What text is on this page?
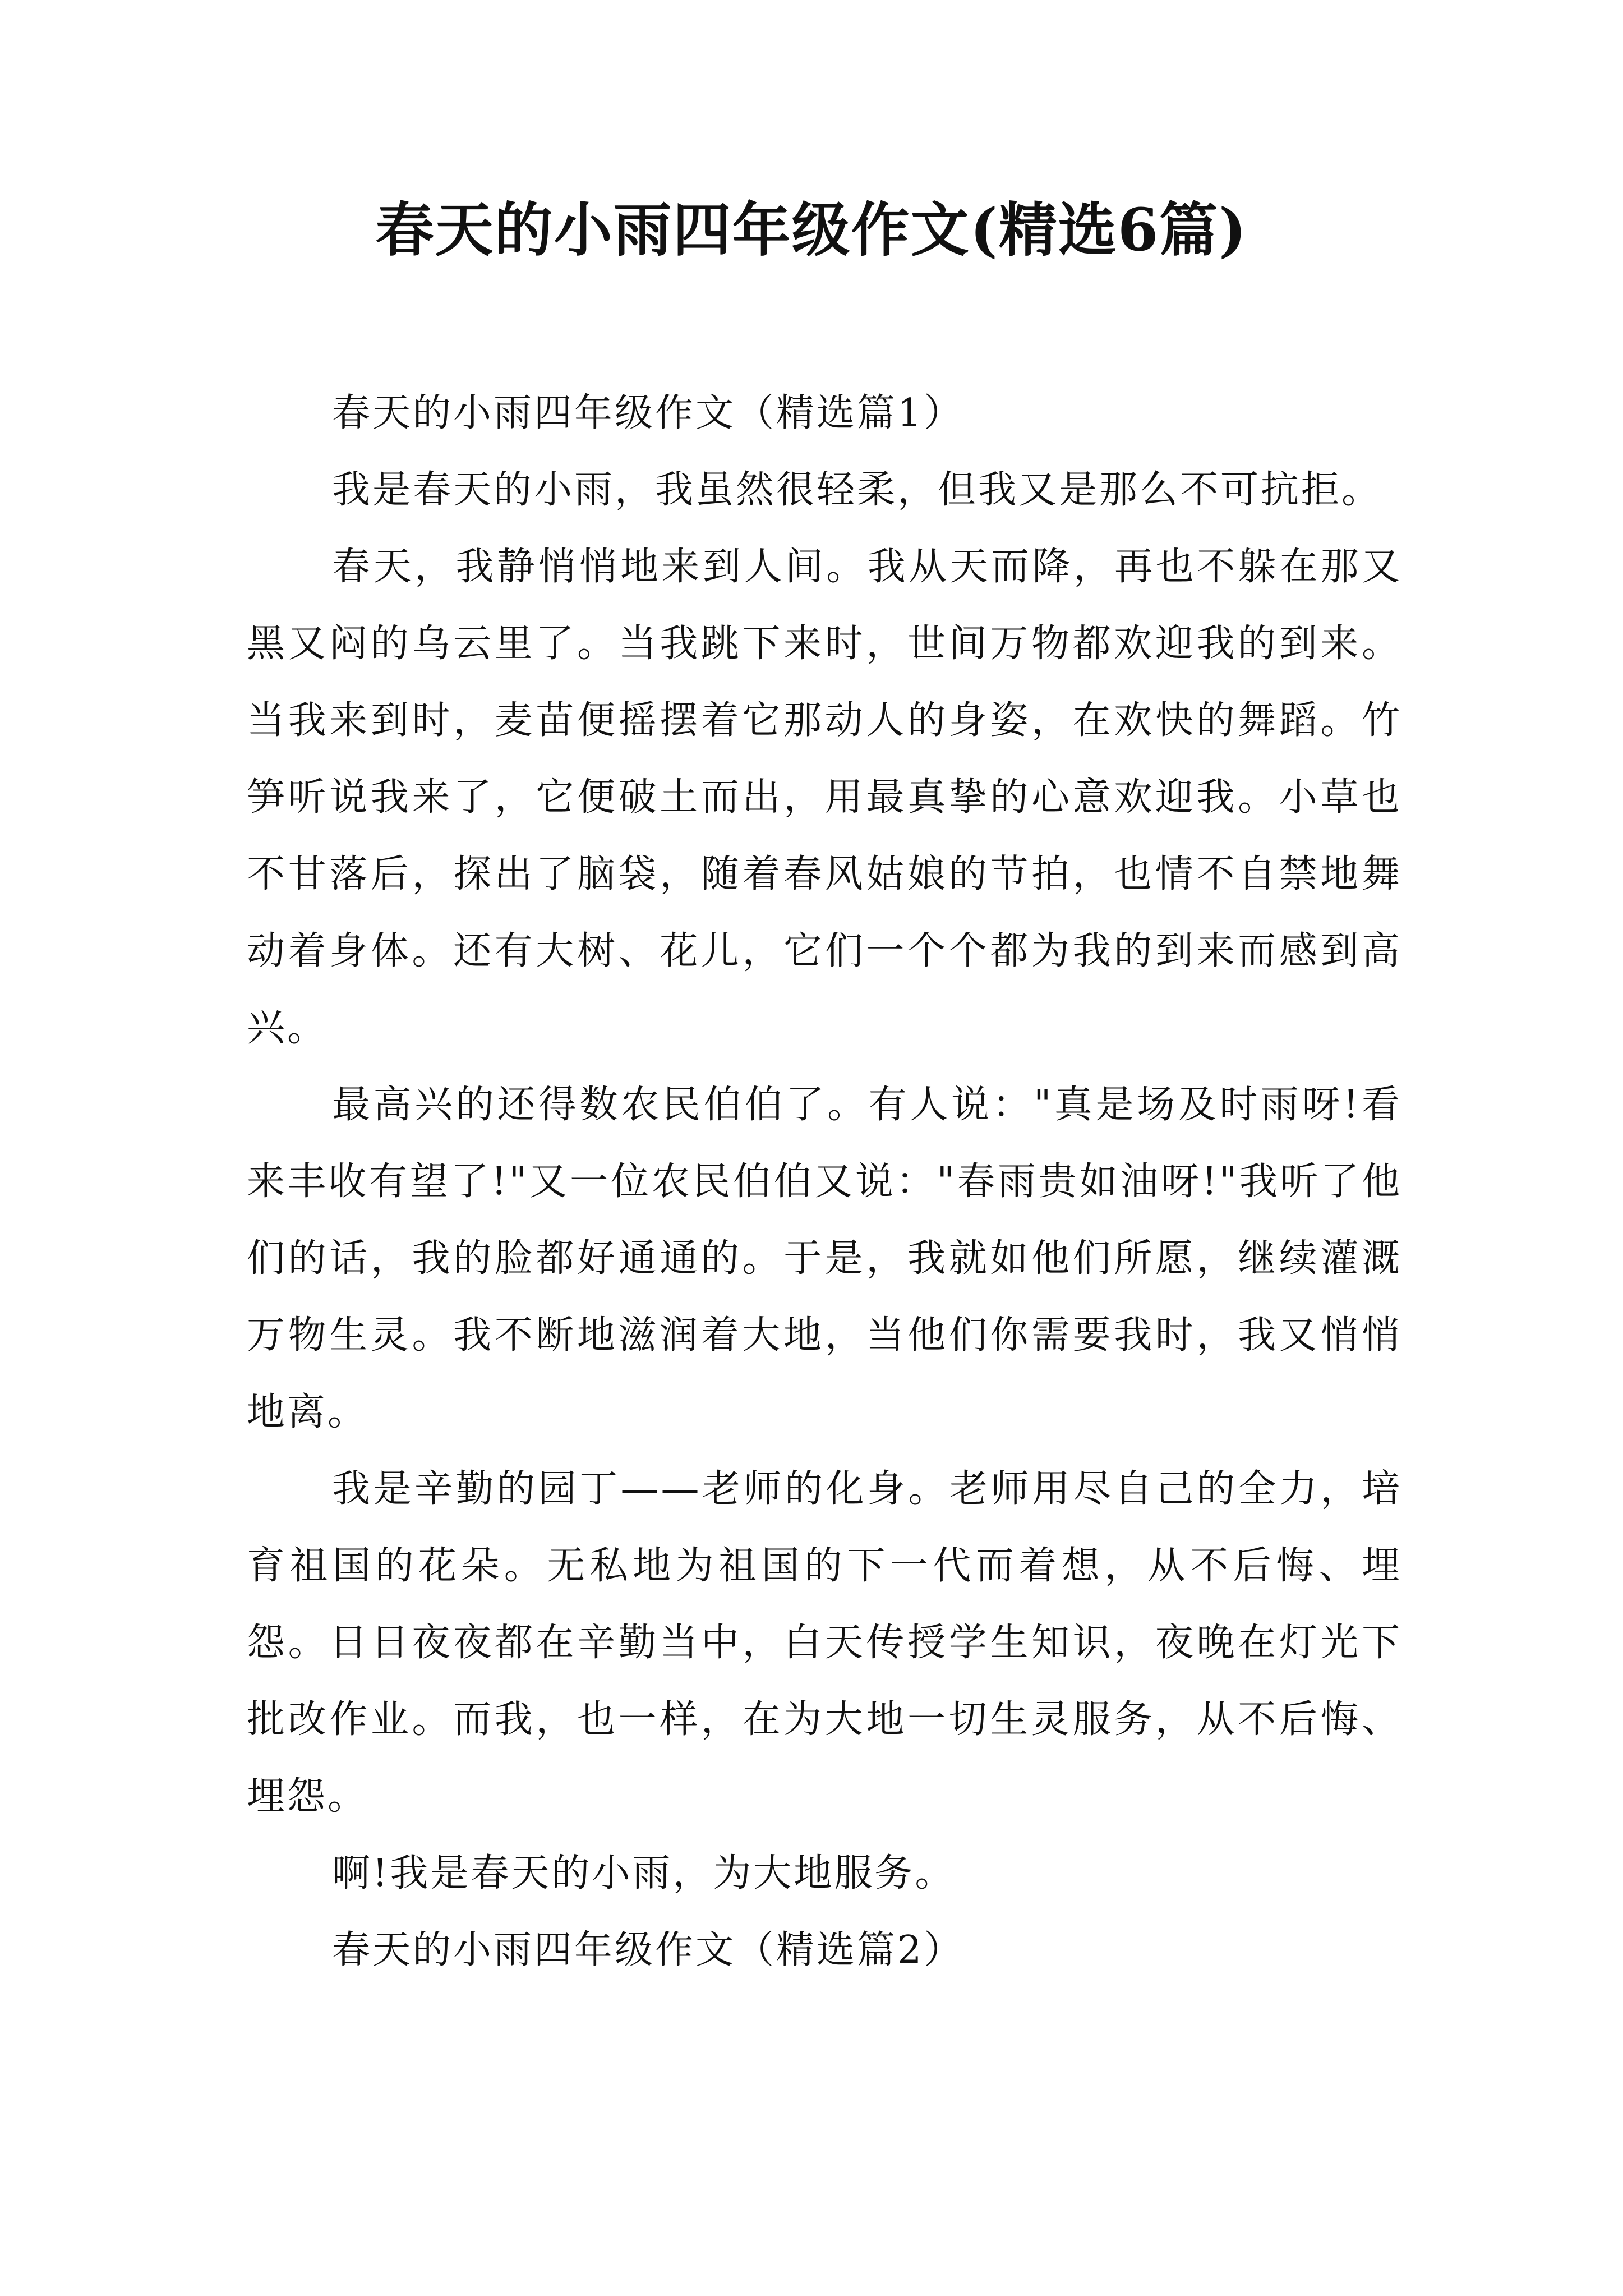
春天的小雨四年级作文(精选6篇)

春天的小雨四年级作文（精选篇1）

我是春天的小雨，我虽然很轻柔，但我又是那么不可抗拒。

春天，我静悄悄地来到人间。我从天而降，再也不躲在那又黑又闷的乌云里了。当我跳下来时，世间万物都欢迎我的到来。当我来到时，麦苗便摇摆着它那动人的身姿，在欢快的舞蹈。竹笋听说我来了，它便破土而出，用最真挚的心意欢迎我。小草也不甘落后，探出了脑袋，随着春风姑娘的节拍，也情不自禁地舞动着身体。还有大树、花儿，它们一个个都为我的到来而感到高兴。

最高兴的还得数农民伯伯了。有人说："真是场及时雨呀!看来丰收有望了!"又一位农民伯伯又说："春雨贵如油呀!"我听了他们的话，我的脸都好通通的。于是，我就如他们所愿，继续灌溉万物生灵。我不断地滋润着大地，当他们你需要我时，我又悄悄地离。

我是辛勤的园丁——老师的化身。老师用尽自己的全力，培育祖国的花朵。无私地为祖国的下一代而着想，从不后悔、埋怨。日日夜夜都在辛勤当中，白天传授学生知识，夜晚在灯光下批改作业。而我，也一样，在为大地一切生灵服务，从不后悔、埋怨。

啊!我是春天的小雨，为大地服务。

春天的小雨四年级作文（精选篇2）
